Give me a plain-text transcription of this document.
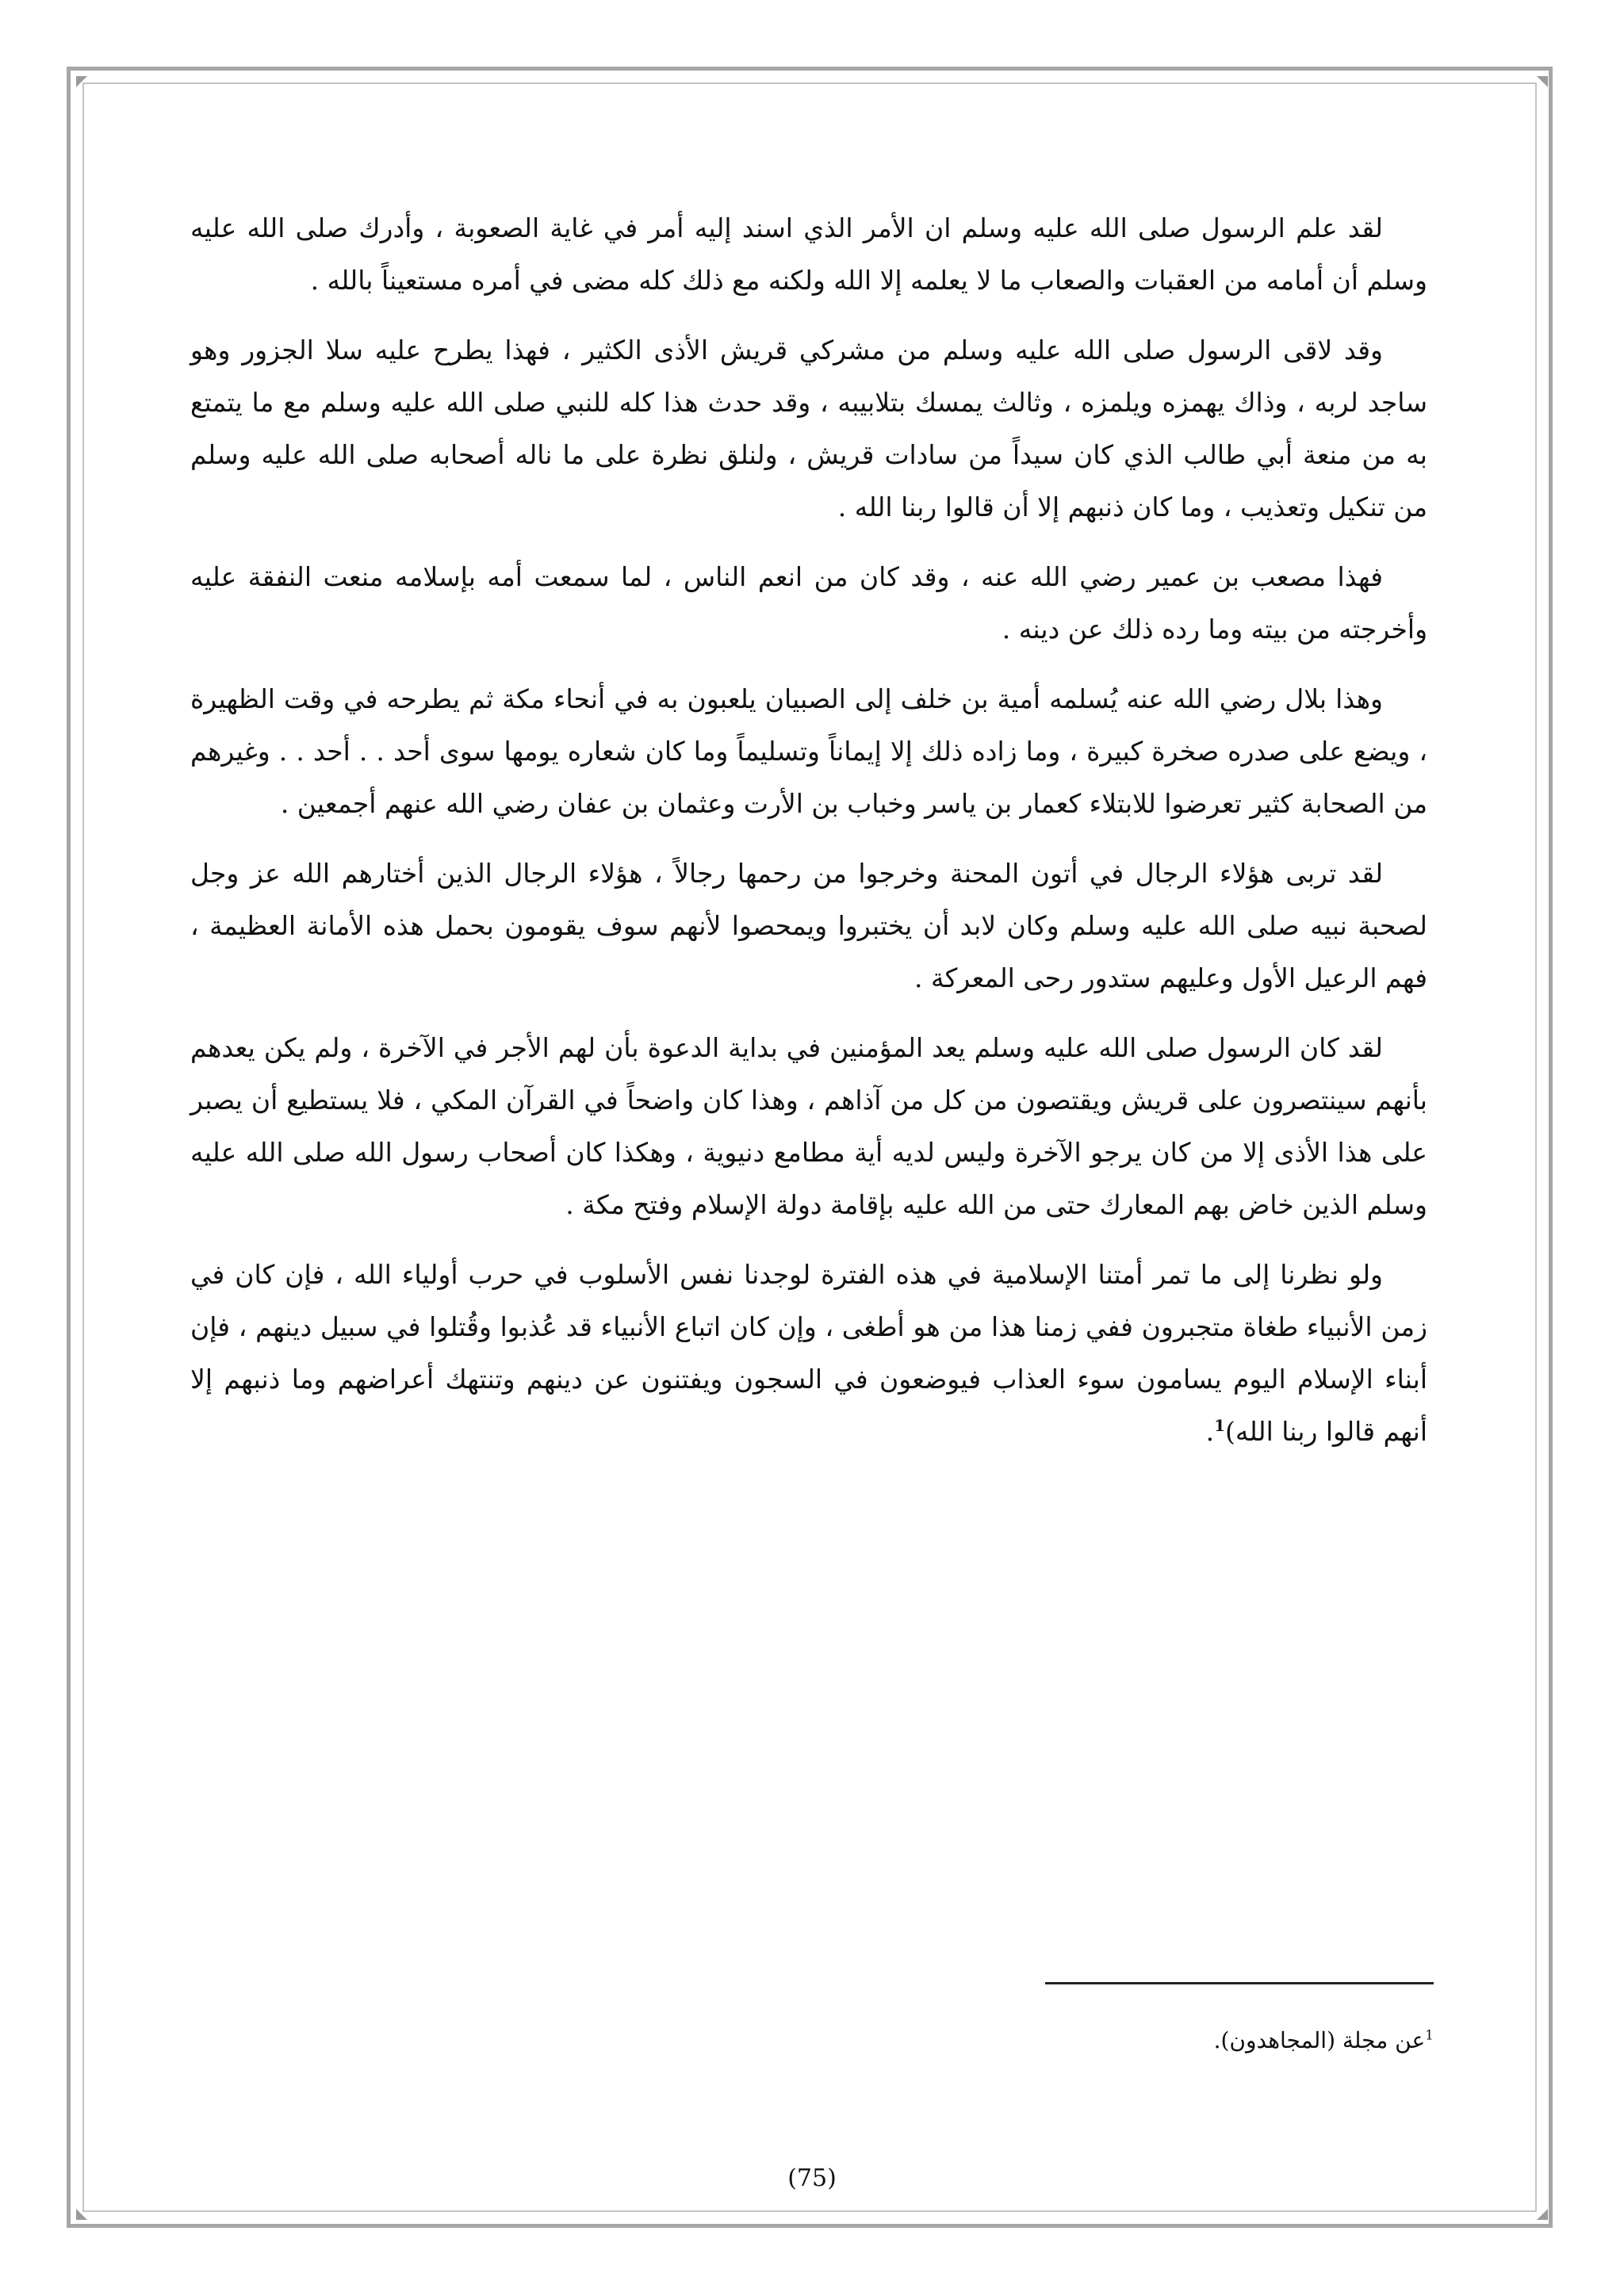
لقد علم الرسول صلى الله عليه وسلم ان الأمر الذي اسند إليه أمر في غاية الصعوبة ، وأدرك صلى الله عليه وسلم أن أمامه من العقبات والصعاب ما لا يعلمه إلا الله ولكنه مع ذلك كله مضى في أمره مستعيناً بالله .

وقد لاقى الرسول صلى الله عليه وسلم من مشركي قريش الأذى الكثير ، فهذا يطرح عليه سلا الجزور وهو ساجد لربه ، وذاك يهمزه ويلمزه ، وثالث يمسك بتلابيبه ، وقد حدث هذا كله للنبي صلى الله عليه وسلم مع ما يتمتع به من منعة أبي طالب الذي كان سيداً من سادات قريش ، ولنلق نظرة على ما ناله أصحابه صلى الله عليه وسلم من تنكيل وتعذيب ، وما كان ذنبهم إلا أن قالوا ربنا الله .

فهذا مصعب بن عمير رضي الله عنه ، وقد كان من انعم الناس ، لما سمعت أمه بإسلامه منعت النفقة عليه وأخرجته من بيته وما رده ذلك عن دينه .

وهذا بلال رضي الله عنه يُسلمه أمية بن خلف إلى الصبيان يلعبون به في أنحاء مكة ثم يطرحه في وقت الظهيرة ، ويضع على صدره صخرة كبيرة ، وما زاده ذلك إلا إيماناً وتسليماً وما كان شعاره يومها سوى أحد . . أحد . . وغيرهم من الصحابة كثير تعرضوا للابتلاء كعمار بن ياسر وخباب بن الأرت وعثمان بن عفان رضي الله عنهم أجمعين .

لقد تربى هؤلاء الرجال في أتون المحنة وخرجوا من رحمها رجالاً ، هؤلاء الرجال الذين أختارهم الله عز وجل لصحبة نبيه صلى الله عليه وسلم وكان لابد أن يختبروا ويمحصوا لأنهم سوف يقومون بحمل هذه الأمانة العظيمة ، فهم الرعيل الأول وعليهم ستدور رحى المعركة .

لقد كان الرسول صلى الله عليه وسلم يعد المؤمنين في بداية الدعوة بأن لهم الأجر في الآخرة ، ولم يكن يعدهم بأنهم سينتصرون على قريش ويقتصون من كل من آذاهم ، وهذا كان واضحاً في القرآن المكي ، فلا يستطيع أن يصبر على هذا الأذى إلا من كان يرجو الآخرة وليس لديه أية مطامع دنيوية ، وهكذا كان أصحاب رسول الله صلى الله عليه وسلم الذين خاض بهم المعارك حتى من الله عليه بإقامة دولة الإسلام وفتح مكة .

ولو نظرنا إلى ما تمر أمتنا الإسلامية في هذه الفترة لوجدنا نفس الأسلوب في حرب أولياء الله ، فإن كان في زمن الأنبياء طغاة متجبرون ففي زمنا هذا من هو أطغى ، وإن كان اتباع الأنبياء قد عُذبوا وقُتلوا في سبيل دينهم ، فإن أبناء الإسلام اليوم يسامون سوء العذاب فيوضعون في السجون ويفتنون عن دينهم وتنتهك أعراضهم وما ذنبهم إلا أنهم قالوا ربنا الله)$^1$.

$^1$عن مجلة (المجاهدون).
(75)
